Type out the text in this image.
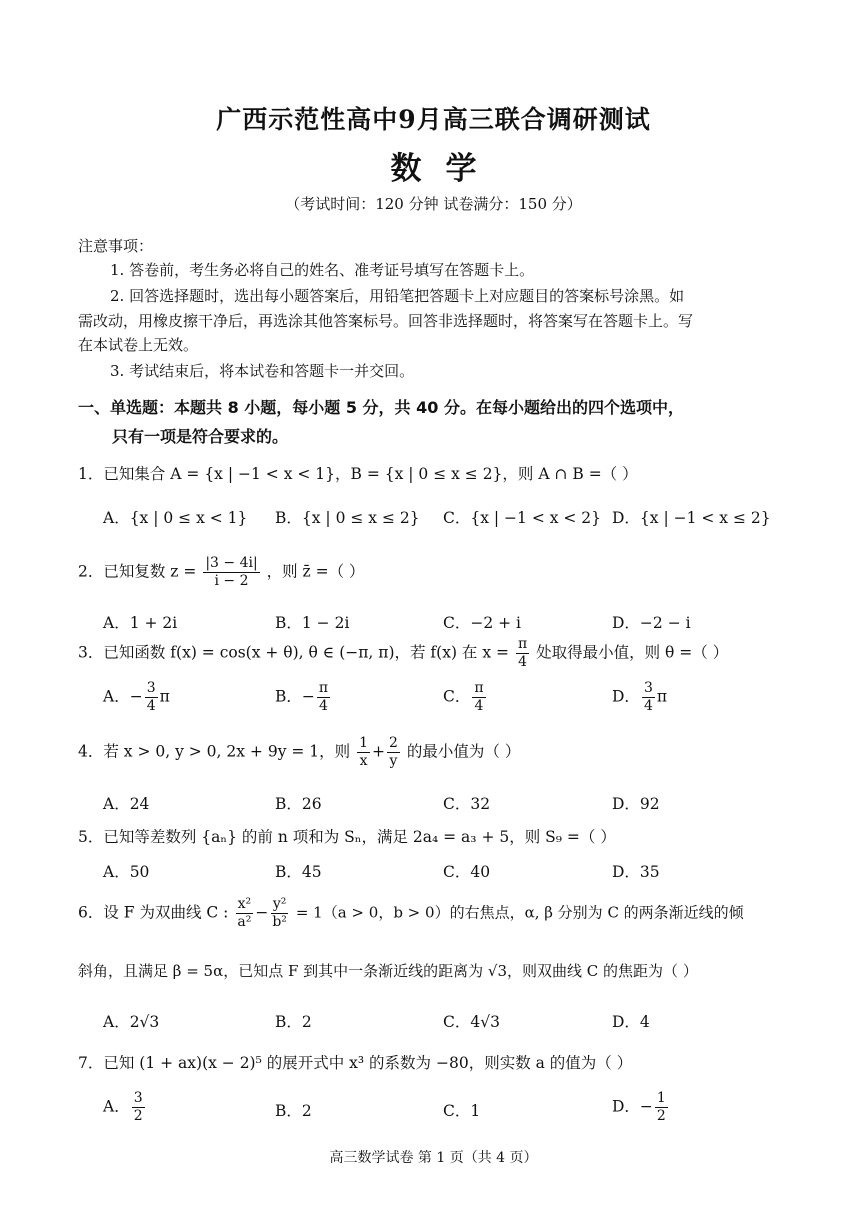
广西示范性高中9月高三联合调研测试
数学
（考试时间：120 分钟 试卷满分：150 分）
注意事项：
1. 答卷前，考生务必将自己的姓名、准考证号填写在答题卡上。
2. 回答选择题时，选出每小题答案后，用铅笔把答题卡上对应题目的答案标号涂黑。如
需改动，用橡皮擦干净后，再选涂其他答案标号。回答非选择题时，将答案写在答题卡上。写
在本试卷上无效。
3. 考试结束后，将本试卷和答题卡一并交回。
一、单选题：本题共 8 小题，每小题 5 分，共 40 分。在每小题给出的四个选项中，
只有一项是符合要求的。
1．已知集合 A = {x | −1 < x < 1}，B = {x | 0 ≤ x ≤ 2}，则 A ∩ B =（ ）
A．{x | 0 ≤ x < 1} B．{x | 0 ≤ x ≤ 2} C．{x | −1 < x < 2} D．{x | −1 < x ≤ 2}
2．已知复数 $z = \frac{|3 - 4i|}{i - 2}$ ，则 z̄ =（ ）
A．1 + 2i	B．1 − 2i	C．−2 + i	D．−2 − i
3．已知函数 f(x) = cos(x + θ), θ ∈ (−π, π)，若 f(x) 在 $x = \frac{\pi}{4}$ 处取得最小值，则 θ =（ ）
A．− $\frac{3}{4}$ π	B．− $\frac{\pi}{4}$	C． $\frac{\pi}{4}$	D． $\frac{3}{4}$ π
4．若 x > 0, y > 0, 2x + 9y = 1，则 $\frac{1}{x} + \frac{2}{y}$ 的最小值为（ ）
A．24	B．26	C．32	D．92
5．已知等差数列 {aₙ} 的前 n 项和为 Sₙ，满足 2a₄ = a₃ + 5，则 S₉ =（ ）
A．50	B．45	C．40	D．35
6．设 F 为双曲线 C : $\frac{\text{x²}}{\text{a²}} - \frac{\text{y²}}{\text{b²}} = 1(a > 0$，b > 0）的右焦点，α, β 分别为 C 的两条渐近线的倾
斜角，且满足 β = 5α，已知点 F 到其中一条渐近线的距离为 √3，则双曲线 C 的焦距为（ ）
A．2√3	B．2	C．4√3	D．4
7．已知 (1 + ax)(x − 2)⁵ 的展开式中 x³ 的系数为 −80，则实数 a 的值为（ ）
A． $\frac{3}{2}$	B．2	C．1	D．− $\frac{1}{2}$
高三数学试卷 第 1 页（共 4 页）
